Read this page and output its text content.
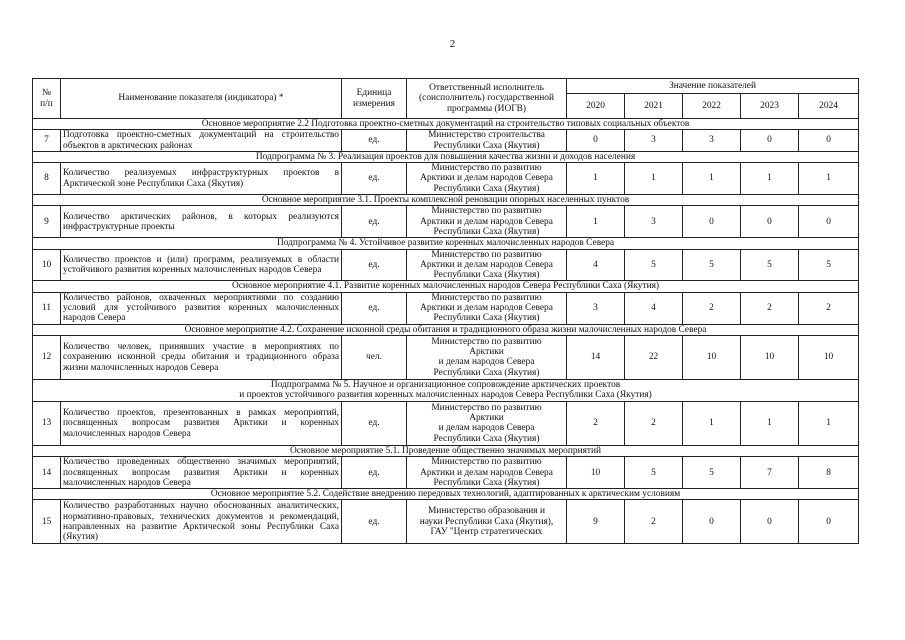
2
№
п/п	Наименование показателя (индикатора) *	Единица
измерения	Ответственный исполнитель
(соисполнитель) государственной
программы (ИОГВ)	Значение показателей				
				2020	2021	2022	2023	2024
Основное мероприятие 2.2 Подготовка проектно-сметных документаций на строительство типовых социальных объектов								
7	Подготовка проектно-сметных документаций на строительство объектов в арктических районах	ед.	Министерство строительства
Республики Саха (Якутия)	0	3	3	0	0
Подпрограмма № 3. Реализация проектов для повышения качества жизни и доходов населения								
8	Количество реализуемых инфраструктурных проектов в Арктической зоне Республики Саха (Якутия)	ед.	Министерство по развитию
Арктики и делам народов Севера
Республики Саха (Якутия)	1	1	1	1	1
Основное мероприятие 3.1. Проекты комплексной реновации опорных населенных пунктов								
9	Количество арктических районов, в которых реализуются инфраструктурные проекты	ед.	Министерство по развитию
Арктики и делам народов Севера
Республики Саха (Якутия)	1	3	0	0	0
Подпрограмма № 4. Устойчивое развитие коренных малочисленных народов Севера								
10	Количество проектов и (или) программ, реализуемых в области устойчивого развития коренных малочисленных народов Севера	ед.	Министерство по развитию
Арктики и делам народов Севера
Республики Саха (Якутия)	4	5	5	5	5
Основное мероприятие 4.1. Развитие коренных малочисленных народов Севера Республики Саха (Якутия)								
11	Количество районов, охваченных мероприятиями по созданию условий для устойчивого развития коренных малочисленных народов Севера	ед.	Министерство по развитию
Арктики и делам народов Севера
Республики Саха (Якутия)	3	4	2	2	2
Основное мероприятие 4.2. Сохранение исконной среды обитания и традиционного образа жизни малочисленных народов Севера								
12	Количество человек, принявших участие в мероприятиях по сохранению исконной среды обитания и традиционного образа жизни малочисленных народов Севера	чел.	Министерство по развитию
Арктики
и делам народов Севера
Республики Саха (Якутия)	14	22	10	10	10
Подпрограмма № 5. Научное и организационное сопровождение арктических проектов
и проектов устойчивого развития коренных малочисленных народов Севера Республики Саха (Якутия)								
13	Количество проектов, презентованных в рамках мероприятий, посвященных вопросам развития Арктики и коренных малочисленных народов Севера	ед.	Министерство по развитию
Арктики
и делам народов Севера
Республики Саха (Якутия)	2	2	1	1	1
Основное мероприятие 5.1. Проведение общественно значимых мероприятий								
14	Количество проведенных общественно значимых мероприятий, посвященных вопросам развития Арктики и коренных малочисленных народов Севера	ед.	Министерство по развитию
Арктики и делам народов Севера
Республики Саха (Якутия)	10	5	5	7	8
Основное мероприятие 5.2. Содействие внедрению передовых технологий, адаптированных к арктическим условиям								
15	Количество разработанных научно обоснованных аналитических, нормативно-правовых, технических документов и рекомендаций, направленных на развитие Арктической зоны Республики Саха (Якутия)	ед.	Министерство образования и
науки Республики Саха (Якутия),
ГАУ "Центр стратегических	9	2	0	0	0
